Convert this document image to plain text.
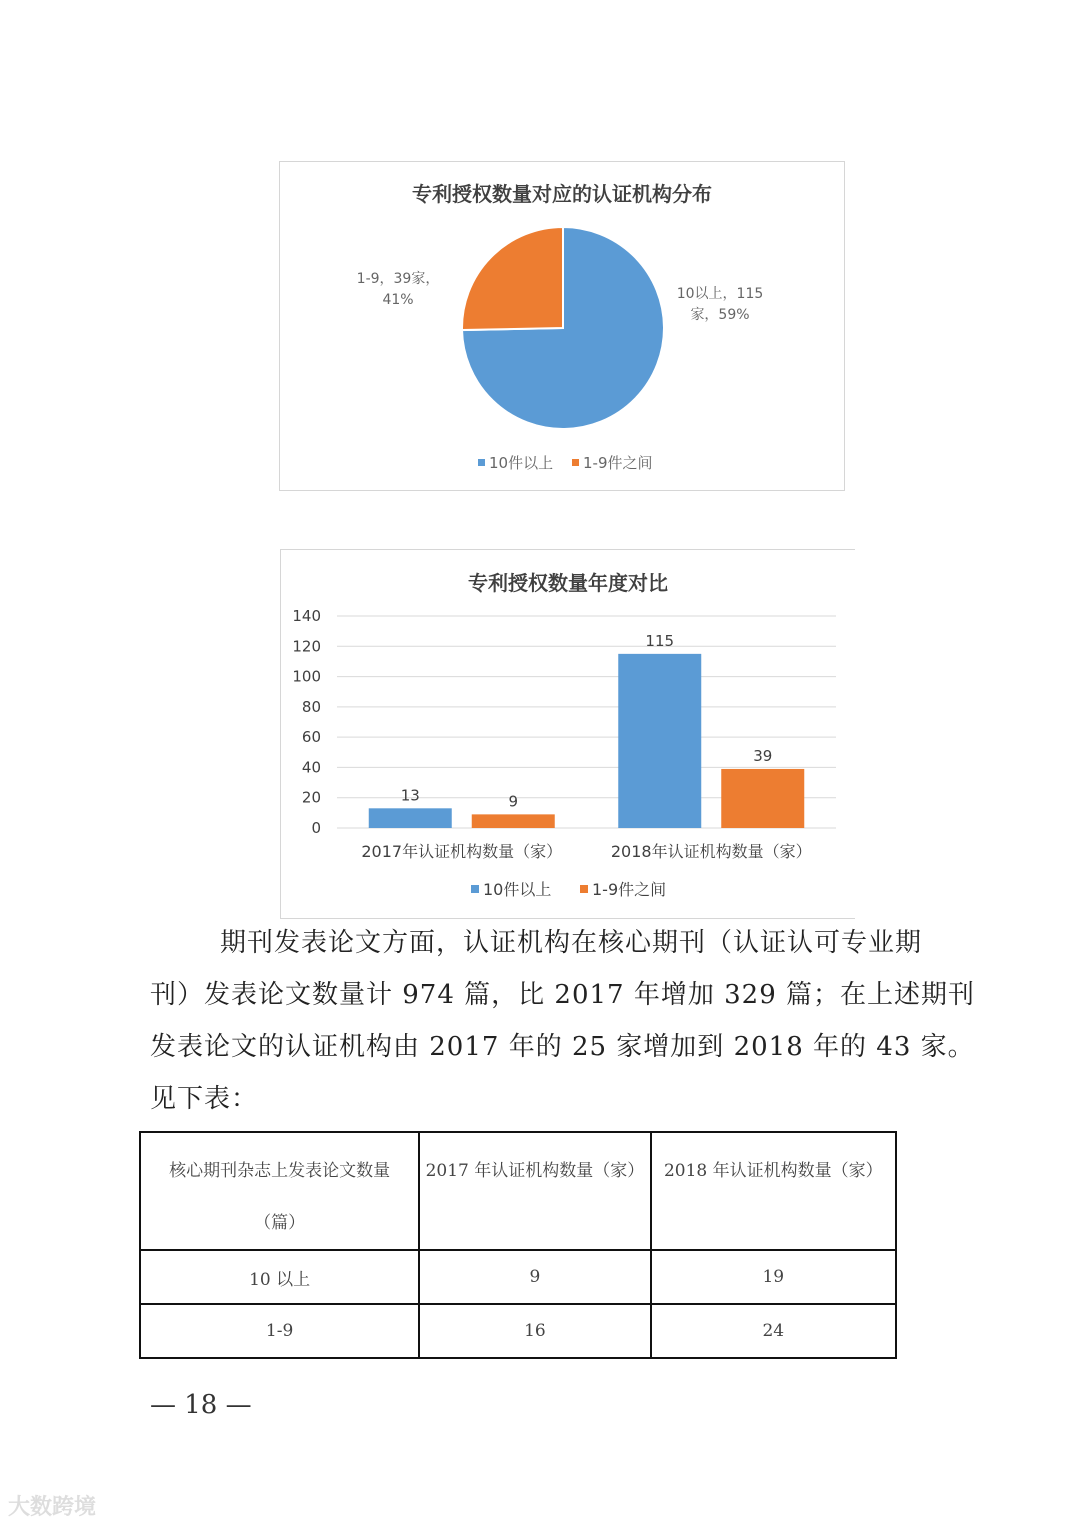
专利授权数量对应的认证机构分布
10以上，115
家，59%
1-9，39家，
41%
10件以上 1-9件之间
专利授权数量年度对比
0
20
40
60
80
100
120
140
2017年认证机构数量（家）
13	9
2018年认证机构数量（家）
115
39
10件以上	1-9件之间
期刊发表论文方面，认证机构在核心期刊（认证认可专业期
刊）发表论文数量计 974 篇，比 2017 年增加 329 篇；在上述期刊
发表论文的认证机构由 2017 年的 25 家增加到 2018 年的 43 家。
见下表：
核心期刊杂志上发表论文数量
（篇）	2017 年认证机构数量（家）	2018 年认证机构数量（家）

10 以上	9	19
1-9	16	24
— 18 —
大数跨境
